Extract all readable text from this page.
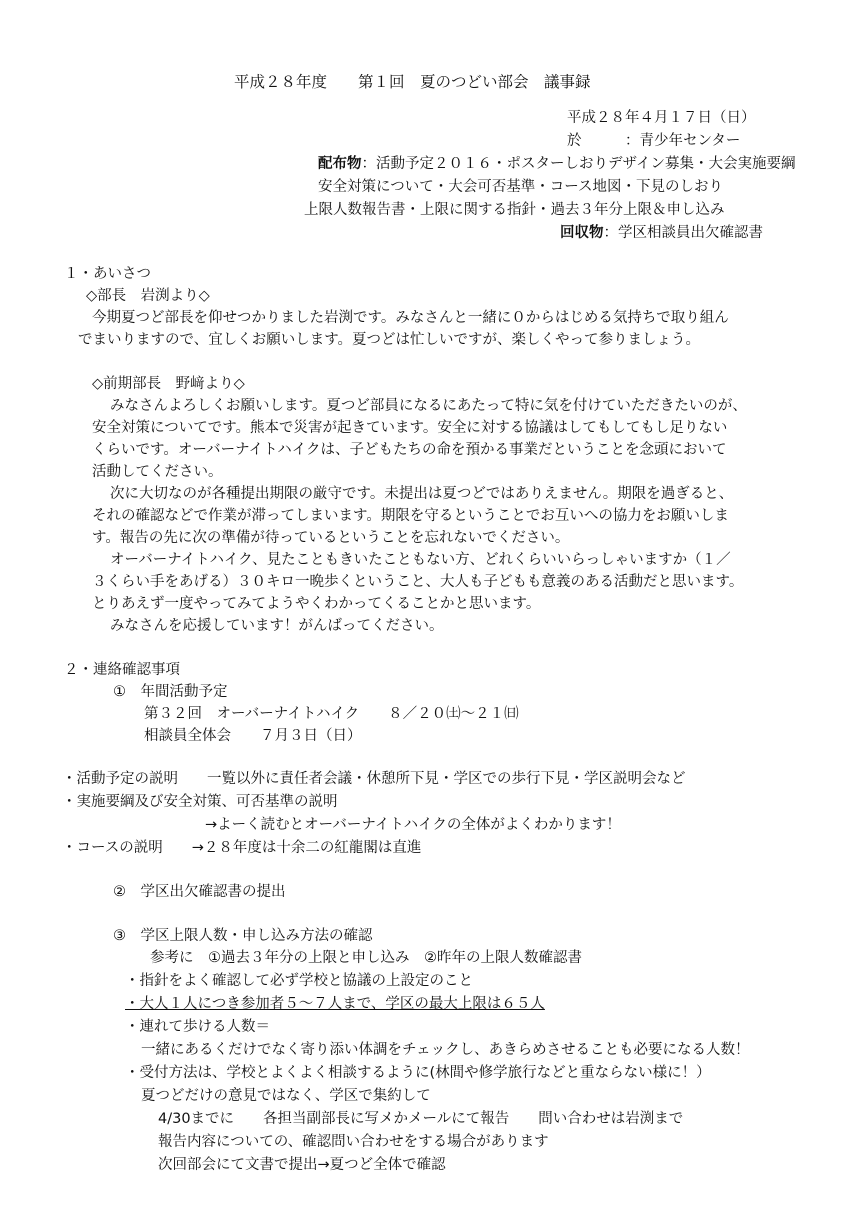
平成２８年度　　第１回　夏のつどい部会　議事録
平成２８年４月１７日（日）
於　　　：青少年センター
配布物：活動予定２０１６・ポスターしおりデザイン募集・大会実施要綱
安全対策について・大会可否基準・コース地図・下見のしおり
上限人数報告書・上限に関する指針・過去３年分上限＆申し込み
回収物：学区相談員出欠確認書
１・あいさつ
◇部長　岩渕より◇
今期夏つど部長を仰せつかりました岩渕です。みなさんと一緒に０からはじめる気持ちで取り組ん
でまいりますので、宜しくお願いします。夏つどは忙しいですが、楽しくやって参りましょう。
◇前期部長　野﨑より◇
みなさんよろしくお願いします。夏つど部員になるにあたって特に気を付けていただきたいのが、
安全対策についてです。熊本で災害が起きています。安全に対する協議はしてもしてもし足りない
くらいです。オーバーナイトハイクは、子どもたちの命を預かる事業だということを念頭において
活動してください。
次に大切なのが各種提出期限の厳守です。未提出は夏つどではありえません。期限を過ぎると、
それの確認などで作業が滞ってしまいます。期限を守るということでお互いへの協力をお願いしま
す。報告の先に次の準備が待っているということを忘れないでください。
オーバーナイトハイク、見たこともきいたこともない方、どれくらいいらっしゃいますか（１／
３くらい手をあげる）３０キロ一晩歩くということ、大人も子どもも意義のある活動だと思います。
とりあえず一度やってみてようやくわかってくることかと思います。
みなさんを応援しています！がんばってください。
２・連絡確認事項
①　年間活動予定
第３２回　オーバーナイトハイク　　８／２０㈯～２１㈰
相談員全体会　　７月３日（日）
・活動予定の説明　　一覧以外に責任者会議・休憩所下見・学区での歩行下見・学区説明会など
・実施要綱及び安全対策、可否基準の説明
→よーく読むとオーバーナイトハイクの全体がよくわかります！
・コースの説明　　→２８年度は十余二の紅龍閣は直進
②　学区出欠確認書の提出
③　学区上限人数・申し込み方法の確認
参考に　①過去３年分の上限と申し込み　②昨年の上限人数確認書
・指針をよく確認して必ず学校と協議の上設定のこと
・大人１人につき参加者５～７人まで、学区の最大上限は６５人
・連れて歩ける人数＝
一緒にあるくだけでなく寄り添い体調をチェックし、あきらめさせることも必要になる人数！
・受付方法は、学校とよくよく相談するように(林間や修学旅行などと重ならない様に！）
夏つどだけの意見ではなく、学区で集約して
4/30までに　　各担当副部長に写メかメールにて報告　　問い合わせは岩渕まで
報告内容についての、確認問い合わせをする場合があります
次回部会にて文書で提出→夏つど全体で確認
